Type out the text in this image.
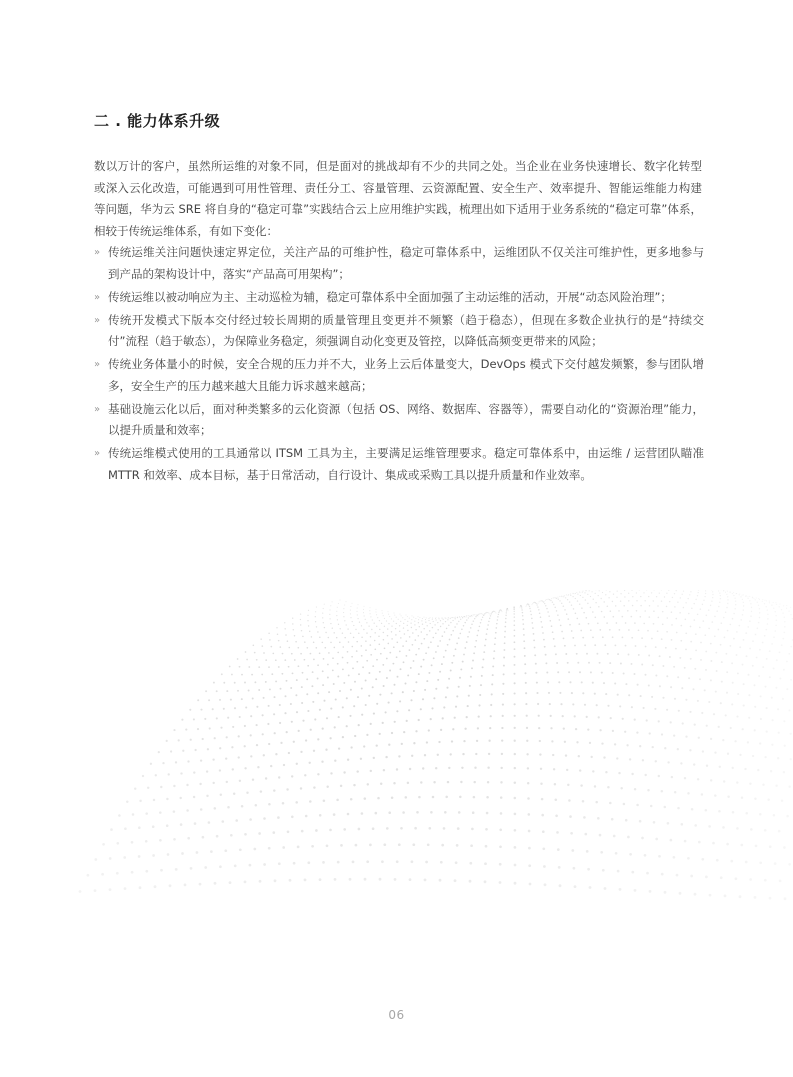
二 . 能力体系升级

数以万计的客户，虽然所运维的对象不同，但是面对的挑战却有不少的共同之处。当企业在业务快速增长、数字化转型或深入云化改造，可能遇到可用性管理、责任分工、容量管理、云资源配置、安全生产、效率提升、智能运维能力构建等问题，华为云 SRE 将自身的“稳定可靠”实践结合云上应用维护实践，梳理出如下适用于业务系统的“稳定可靠”体系，相较于传统运维体系，有如下变化：

» 传统运维关注问题快速定界定位，关注产品的可维护性，稳定可靠体系中，运维团队不仅关注可维护性，更多地参与到产品的架构设计中，落实“产品高可用架构”；
» 传统运维以被动响应为主、主动巡检为辅，稳定可靠体系中全面加强了主动运维的活动，开展“动态风险治理”；
» 传统开发模式下版本交付经过较长周期的质量管理且变更并不频繁（趋于稳态），但现在多数企业执行的是“持续交付”流程（趋于敏态），为保障业务稳定，须强调自动化变更及管控，以降低高频变更带来的风险；
» 传统业务体量小的时候，安全合规的压力并不大，业务上云后体量变大，DevOps 模式下交付越发频繁，参与团队增多，安全生产的压力越来越大且能力诉求越来越高；
» 基础设施云化以后，面对种类繁多的云化资源（包括 OS、网络、数据库、容器等），需要自动化的“资源治理”能力，以提升质量和效率；
» 传统运维模式使用的工具通常以 ITSM 工具为主，主要满足运维管理要求。稳定可靠体系中，由运维 / 运营团队瞄准 MTTR 和效率、成本目标，基于日常活动，自行设计、集成或采购工具以提升质量和作业效率。
06
